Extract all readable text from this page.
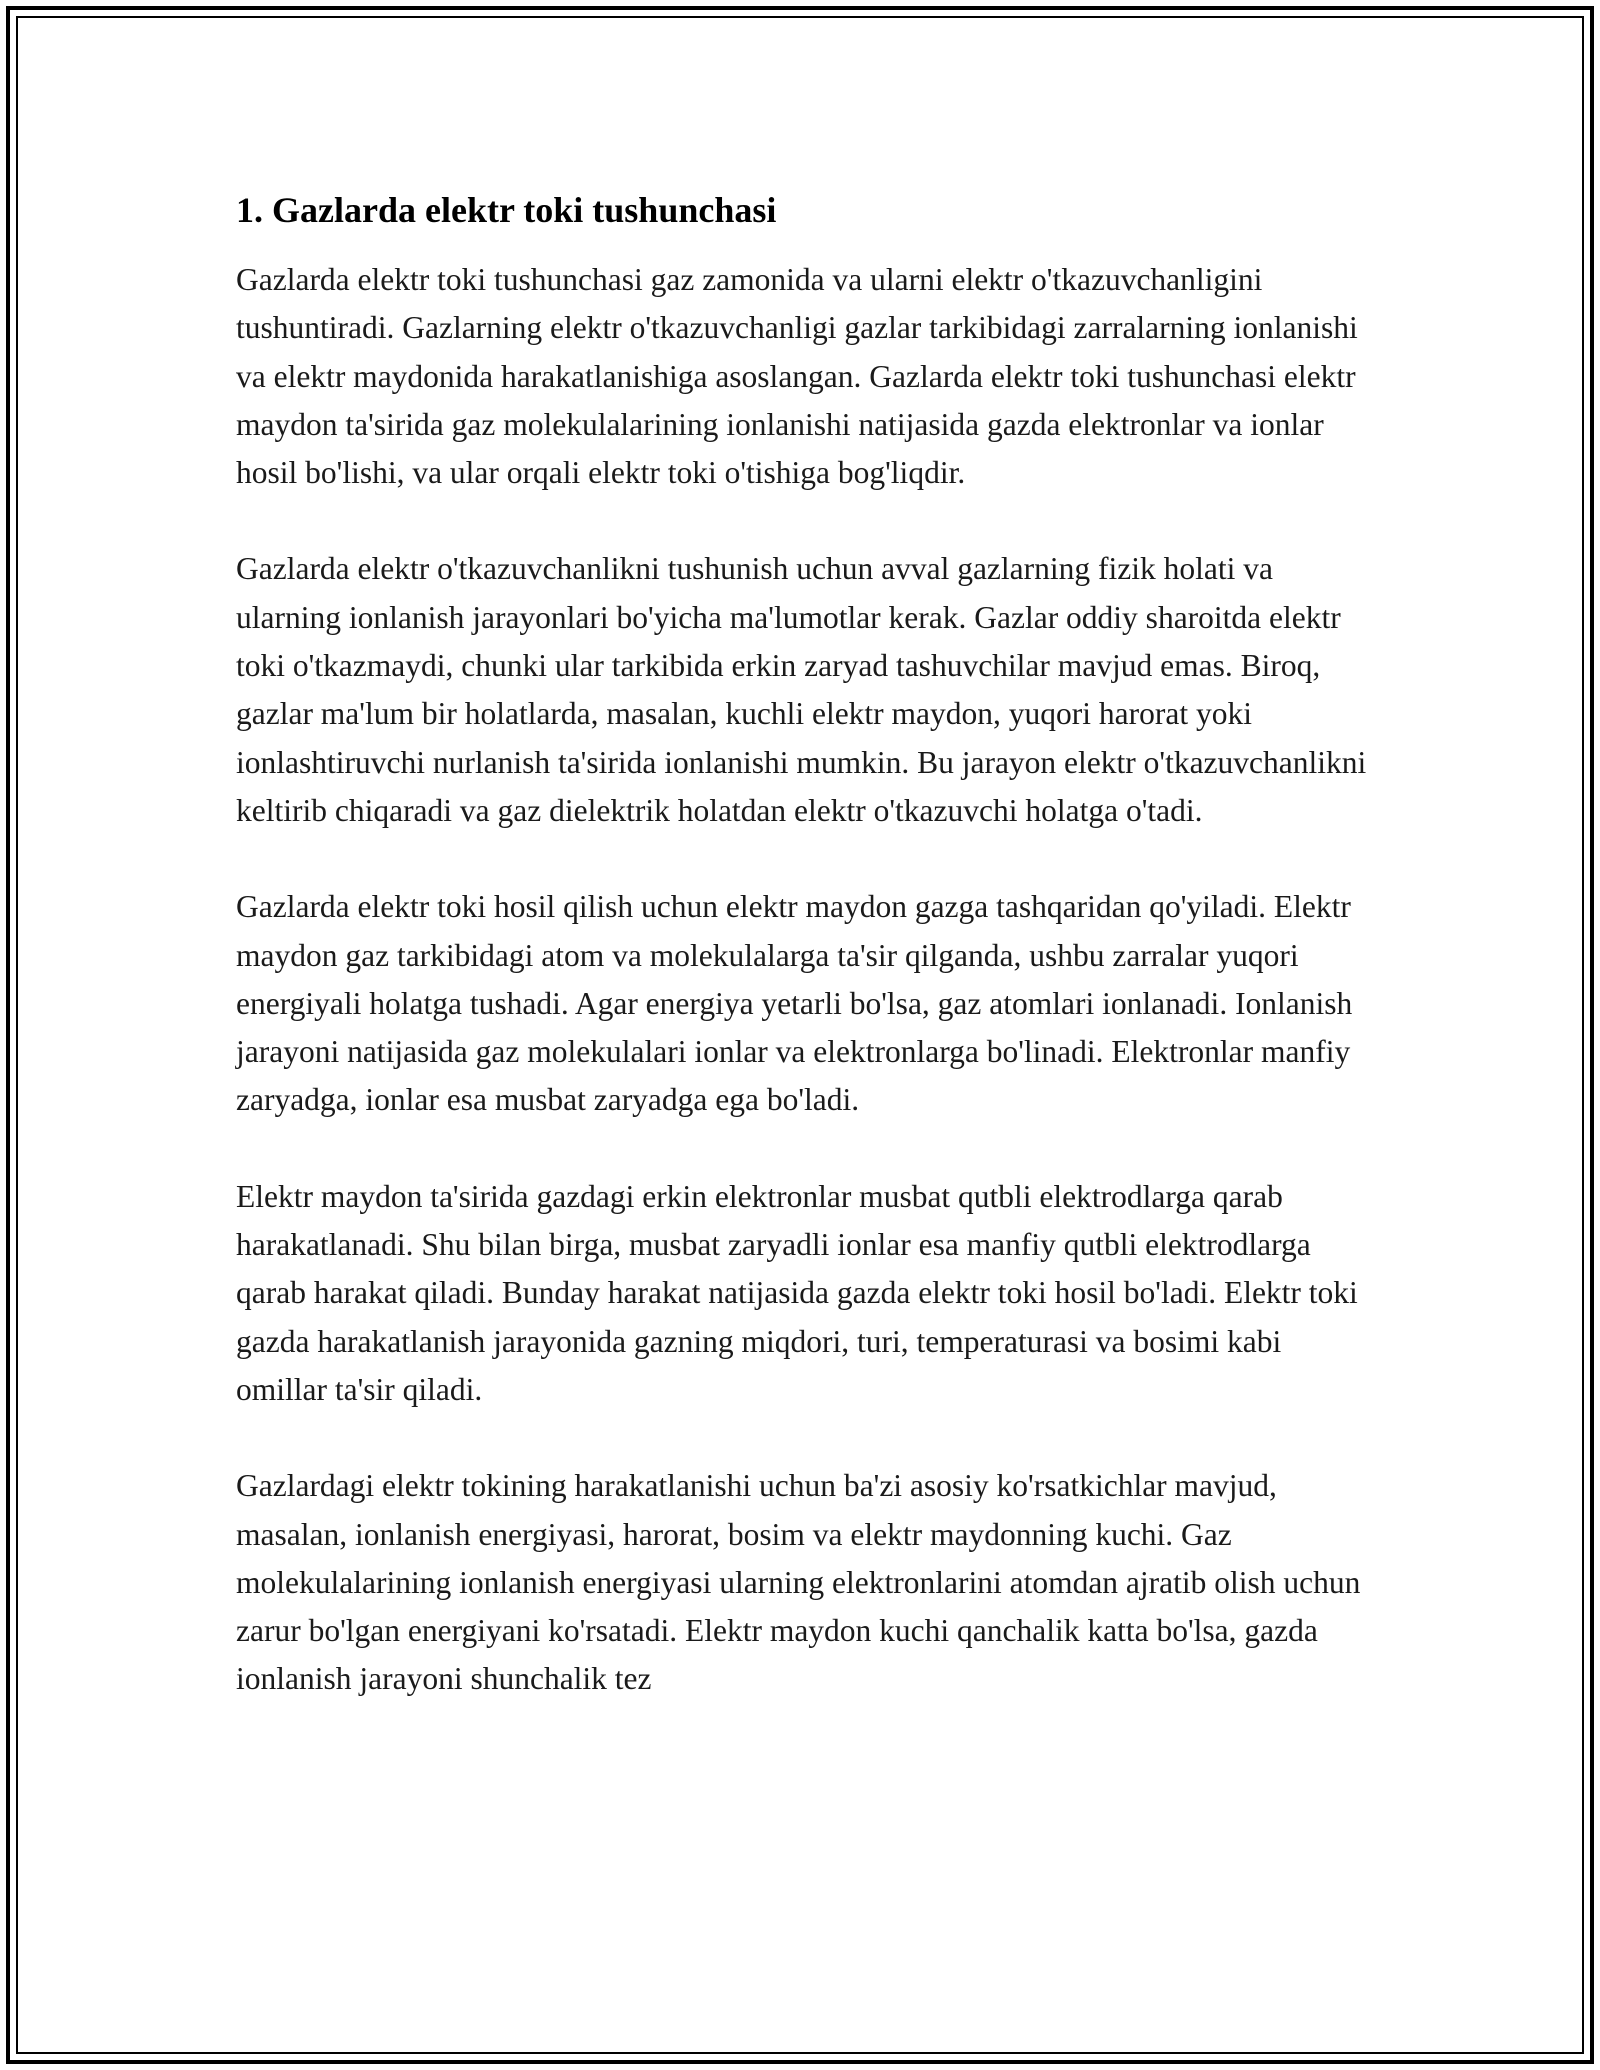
1. Gazlarda elektr toki tushunchasi

Gazlarda elektr toki tushunchasi gaz zamonida va ularni elektr o'tkazuvchanligini tushuntiradi. Gazlarning elektr o'tkazuvchanligi gazlar tarkibidagi zarralarning ionlanishi va elektr maydonida harakatlanishiga asoslangan. Gazlarda elektr toki tushunchasi elektr maydon ta'sirida gaz molekulalarining ionlanishi natijasida gazda elektronlar va ionlar hosil bo'lishi, va ular orqali elektr toki o'tishiga bog'liqdir.

Gazlarda elektr o'tkazuvchanlikni tushunish uchun avval gazlarning fizik holati va ularning ionlanish jarayonlari bo'yicha ma'lumotlar kerak. Gazlar oddiy sharoitda elektr toki o'tkazmaydi, chunki ular tarkibida erkin zaryad tashuvchilar mavjud emas. Biroq, gazlar ma'lum bir holatlarda, masalan, kuchli elektr maydon, yuqori harorat yoki ionlashtiruvchi nurlanish ta'sirida ionlanishi mumkin. Bu jarayon elektr o'tkazuvchanlikni keltirib chiqaradi va gaz dielektrik holatdan elektr o'tkazuvchi holatga o'tadi.

Gazlarda elektr toki hosil qilish uchun elektr maydon gazga tashqaridan qo'yiladi. Elektr maydon gaz tarkibidagi atom va molekulalarga ta'sir qilganda, ushbu zarralar yuqori energiyali holatga tushadi. Agar energiya yetarli bo'lsa, gaz atomlari ionlanadi. Ionlanish jarayoni natijasida gaz molekulalari ionlar va elektronlarga bo'linadi. Elektronlar manfiy zaryadga, ionlar esa musbat zaryadga ega bo'ladi.

Elektr maydon ta'sirida gazdagi erkin elektronlar musbat qutbli elektrodlarga qarab harakatlanadi. Shu bilan birga, musbat zaryadli ionlar esa manfiy qutbli elektrodlarga qarab harakat qiladi. Bunday harakat natijasida gazda elektr toki hosil bo'ladi. Elektr toki gazda harakatlanish jarayonida gazning miqdori, turi, temperaturasi va bosimi kabi omillar ta'sir qiladi.

Gazlardagi elektr tokining harakatlanishi uchun ba'zi asosiy ko'rsatkichlar mavjud, masalan, ionlanish energiyasi, harorat, bosim va elektr maydonning kuchi. Gaz molekulalarining ionlanish energiyasi ularning elektronlarini atomdan ajratib olish uchun zarur bo'lgan energiyani ko'rsatadi. Elektr maydon kuchi qanchalik katta bo'lsa, gazda ionlanish jarayoni shunchalik tez
